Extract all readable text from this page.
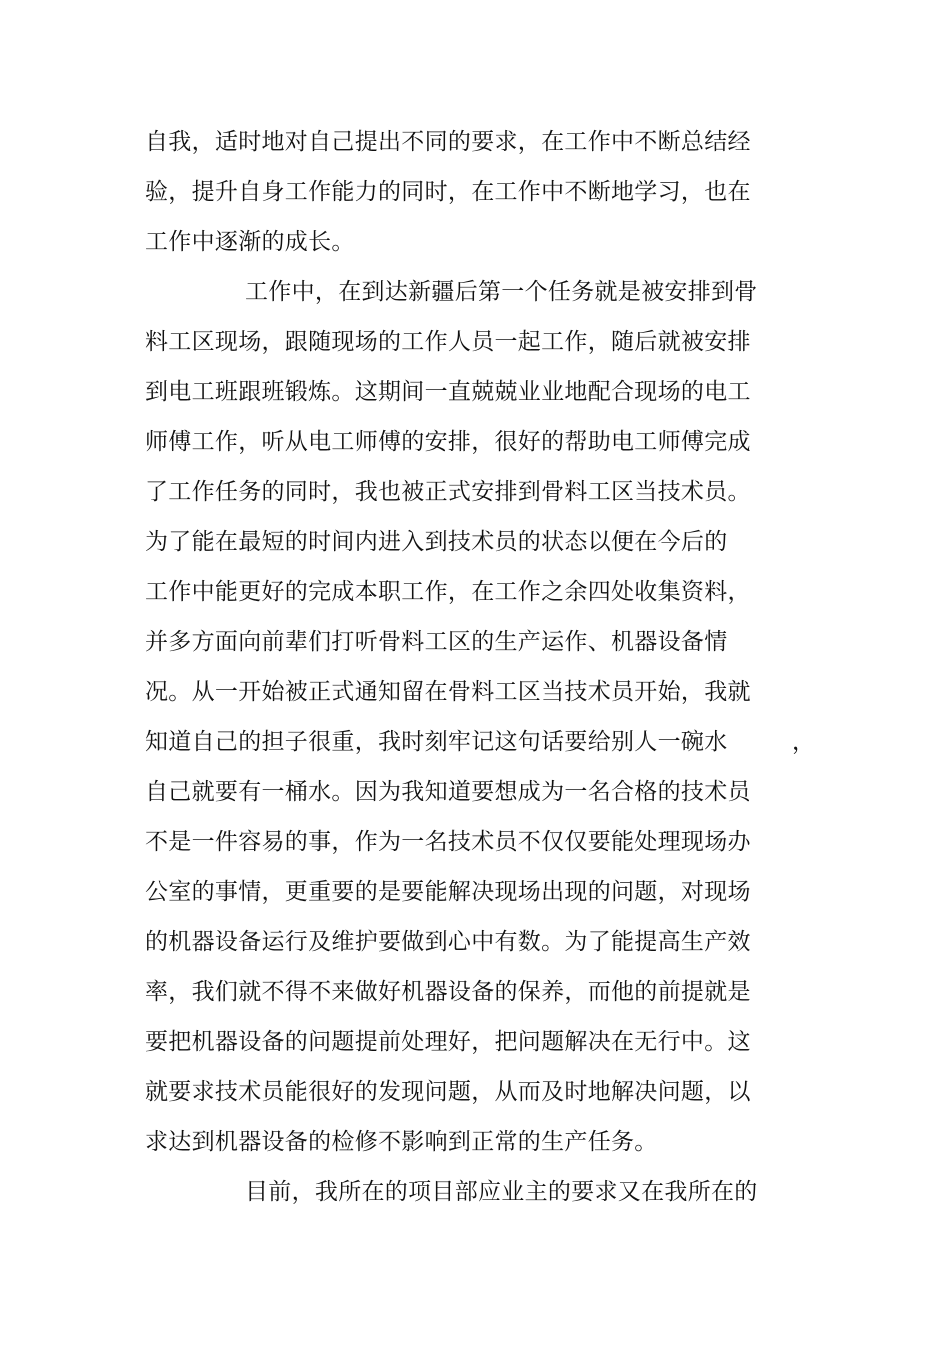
自我，适时地对自己提出不同的要求，在工作中不断总结经
验，提升自身工作能力的同时，在工作中不断地学习，也在
工作中逐渐的成长。
工作中，在到达新疆后第一个任务就是被安排到骨
料工区现场，跟随现场的工作人员一起工作，随后就被安排
到电工班跟班锻炼。这期间一直兢兢业业地配合现场的电工
师傅工作，听从电工师傅的安排，很好的帮助电工师傅完成
了工作任务的同时，我也被正式安排到骨料工区当技术员。
为了能在最短的时间内进入到技术员的状态以便在今后的
工作中能更好的完成本职工作，在工作之余四处收集资料，
并多方面向前辈们打听骨料工区的生产运作、机器设备情
况。从一开始被正式通知留在骨料工区当技术员开始，我就
知道自己的担子很重，我时刻牢记这句话要给别人一碗水	，
自己就要有一桶水。因为我知道要想成为一名合格的技术员
不是一件容易的事，作为一名技术员不仅仅要能处理现场办
公室的事情，更重要的是要能解决现场出现的问题，对现场
的机器设备运行及维护要做到心中有数。为了能提高生产效
率，我们就不得不来做好机器设备的保养，而他的前提就是
要把机器设备的问题提前处理好，把问题解决在无行中。这
就要求技术员能很好的发现问题，从而及时地解决问题，以
求达到机器设备的检修不影响到正常的生产任务。
目前，我所在的项目部应业主的要求又在我所在的
